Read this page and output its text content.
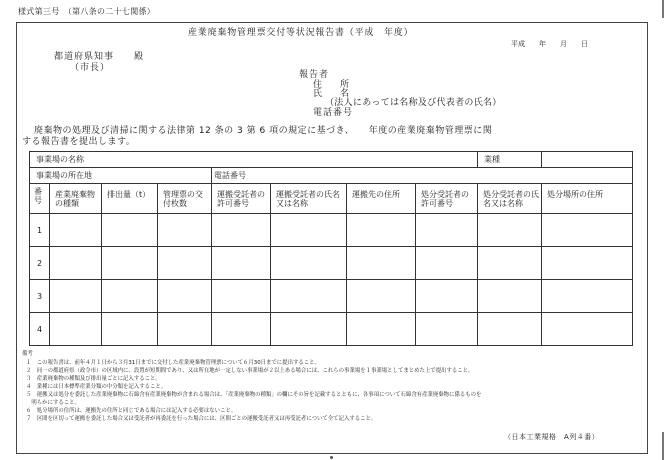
様式第三号　（第八条の二十七関係）
産業廃棄物管理票交付等状況報告書（平成　年度）
平成　　年　　月　　日
都道府県知事　　殿
（市長）
報告者
住　　所
氏　　名
（法人にあっては名称及び代表者の氏名）
電話番号
廃棄物の処理及び清掃に関する法律第 12 条の 3 第 6 項の規定に基づき、　　年度の産業廃棄物管理票に関
する報告書を提出します。
事業場の名称								業種	
事業場の所在地				電話番号					
番号	産業廃棄物の種類	排出量（t）	管理票の交付枚数	運搬受託者の許可番号	運搬受託者の氏名又は名称	運搬先の住所	処分受託者の許可番号	処分受託者の氏名又は名称	処分場所の住所
1									
2									
3									
4									
備考
１　この報告書は、前年４月１日から３月31日までに交付した産業廃棄物管理票について６月30日までに提出すること。
２　同一の都道府県（政令市）の区域内に、設置が短期間であり、又は所在地が一定しない事業場が２以上ある場合には、これらの事業場を１事業場としてまとめた上で提出すること。
３　産業廃棄物の種類及び排出量ごとに記入すること。
４　業種には日本標準産業分類の中分類を記入すること。
５　運搬又は処分を委託した産業廃棄物に石綿含有産業廃棄物が含まれる場合は、「産業廃棄物の種類」の欄にその旨を記載するとともに、各事項について石綿含有産業廃棄物に係るものを
　明らかにすること。
６　処分場所の住所は、運搬先の住所と同じである場合には記入する必要はないこと。
７　区間を区切って運搬を委託した場合又は受託者が再委託を行った場合には、区間ごとの運搬受託者又は再受託者について全て記入すること。
（日本工業規格　A列４番）
